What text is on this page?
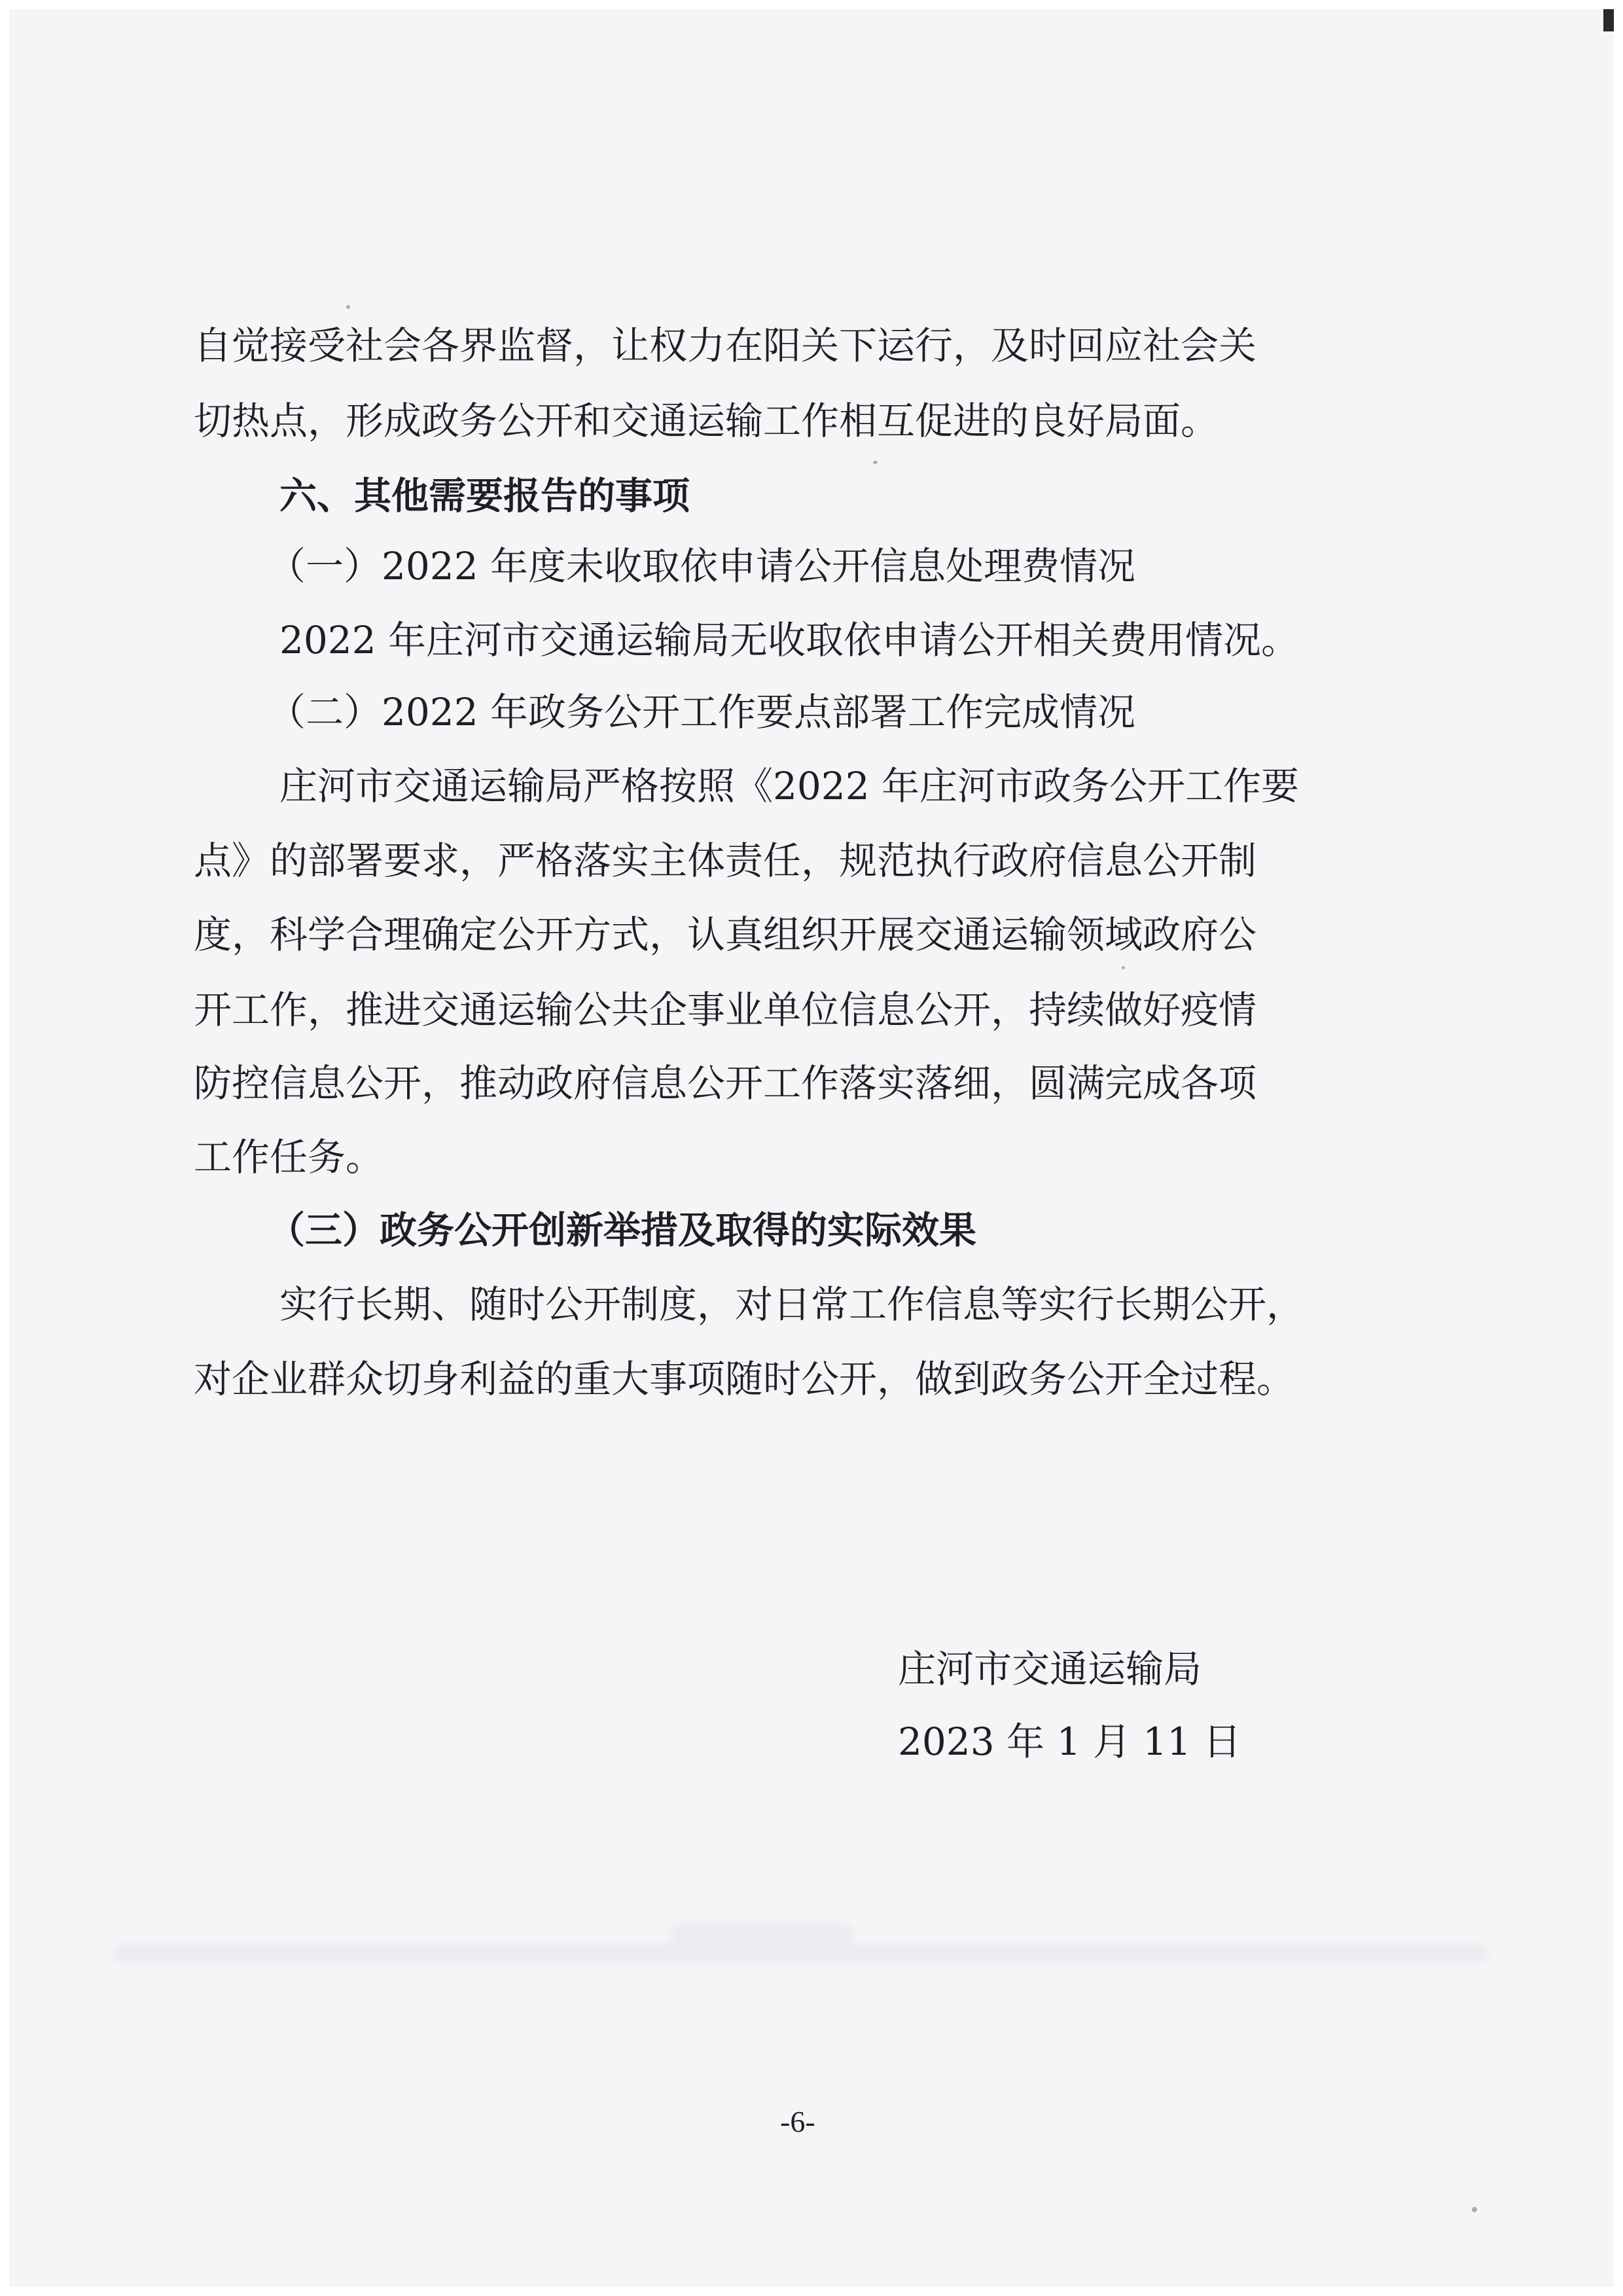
自觉接受社会各界监督，让权力在阳关下运行，及时回应社会关

切热点，形成政务公开和交通运输工作相互促进的良好局面。

六、其他需要报告的事项

（一）2022 年度未收取依申请公开信息处理费情况

2022 年庄河市交通运输局无收取依申请公开相关费用情况。

（二）2022 年政务公开工作要点部署工作完成情况

庄河市交通运输局严格按照《2022 年庄河市政务公开工作要

点》的部署要求，严格落实主体责任，规范执行政府信息公开制

度，科学合理确定公开方式，认真组织开展交通运输领域政府公

开工作，推进交通运输公共企事业单位信息公开，持续做好疫情

防控信息公开，推动政府信息公开工作落实落细，圆满完成各项

工作任务。

（三）政务公开创新举措及取得的实际效果

实行长期、随时公开制度，对日常工作信息等实行长期公开，

对企业群众切身利益的重大事项随时公开，做到政务公开全过程。

庄河市交通运输局

2023 年 1 月 11 日

-6-
